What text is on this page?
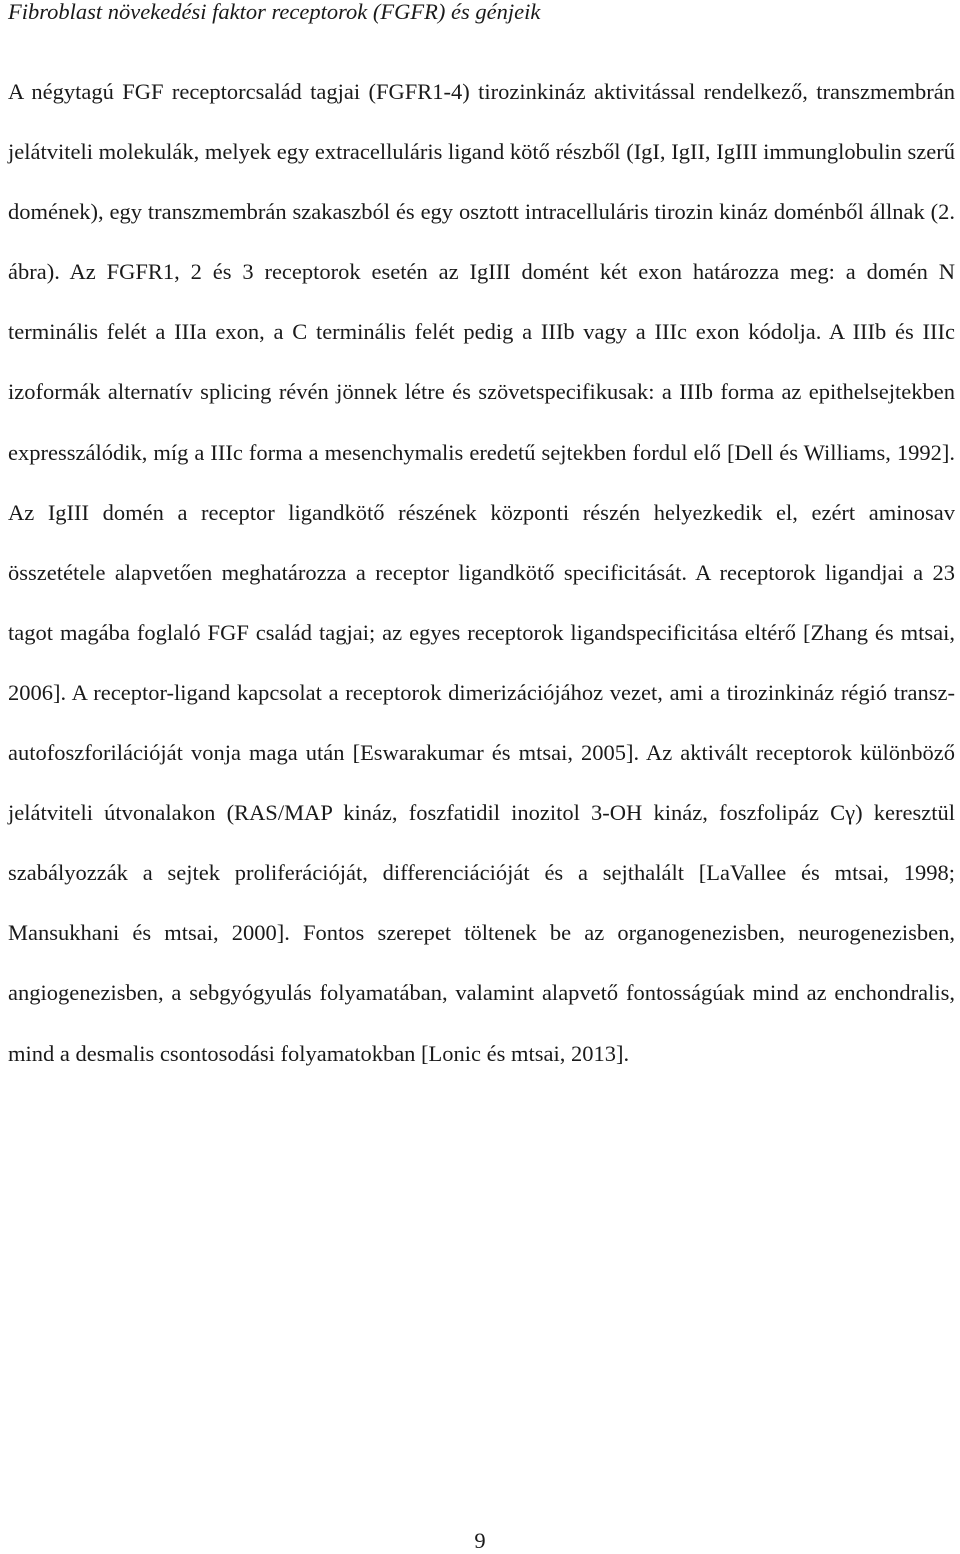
Fibroblast növekedési faktor receptorok (FGFR) és génjeik

A négytagú FGF receptorcsalád tagjai (FGFR1-4) tirozinkináz aktivitással rendelkező, transzmembrán jelátviteli molekulák, melyek egy extracelluláris ligand kötő részből (IgI, IgII, IgIII immunglobulin szerű domének), egy transzmembrán szakaszból és egy osztott intracelluláris tirozin kináz doménből állnak (2. ábra). Az FGFR1, 2 és 3 receptorok esetén az IgIII domént két exon határozza meg: a domén N terminális felét a IIIa exon, a C terminális felét pedig a IIIb vagy a IIIc exon kódolja. A IIIb és IIIc izoformák alternatív splicing révén jönnek létre és szövetspecifikusak: a IIIb forma az epithelsejtekben expresszálódik, míg a IIIc forma a mesenchymalis eredetű sejtekben fordul elő [Dell és Williams, 1992]. Az IgIII domén a receptor ligandkötő részének központi részén helyezkedik el, ezért aminosav összetétele alapvetően meghatározza a receptor ligandkötő specificitását. A receptorok ligandjai a 23 tagot magába foglaló FGF család tagjai; az egyes receptorok ligandspecificitása eltérő [Zhang és mtsai, 2006]. A receptor-ligand kapcsolat a receptorok dimerizációjához vezet, ami a tirozinkináz régió transz-autofoszforilációját vonja maga után [Eswarakumar és mtsai, 2005]. Az aktivált receptorok különböző jelátviteli útvonalakon (RAS/MAP kináz, foszfatidil inozitol 3-OH kináz, foszfolipáz Cγ) keresztül szabályozzák a sejtek proliferációját, differenciációját és a sejthalált [LaVallee és mtsai, 1998; Mansukhani és mtsai, 2000]. Fontos szerepet töltenek be az organogenezisben, neurogenezisben, angiogenezisben, a sebgyógyulás folyamatában, valamint alapvető fontosságúak mind az enchondralis, mind a desmalis csontosodási folyamatokban [Lonic és mtsai, 2013].

9
